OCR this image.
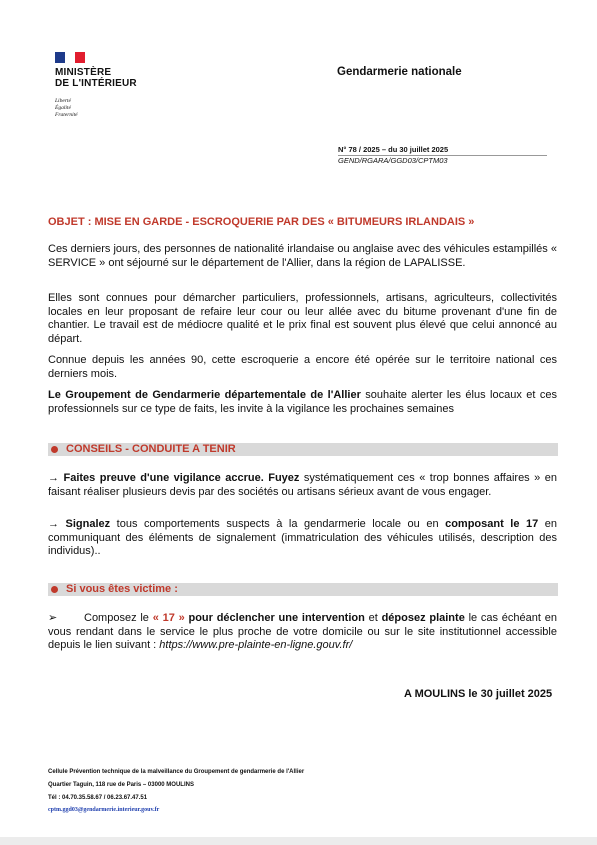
MINISTÈRE
DE L'INTÉRIEUR
Liberté
Égalité
Fraternité
Gendarmerie nationale
N° 78 / 2025 – du 30 juillet 2025
GEND/RGARA/GGD03/CPTM03
OBJET : MISE EN GARDE - ESCROQUERIE PAR DES « BITUMEURS IRLANDAIS »

Ces derniers jours, des personnes de nationalité irlandaise ou anglaise avec des véhicules estampillés « SERVICE » ont séjourné sur le département de l'Allier, dans la région de LAPALISSE.

Elles sont connues pour démarcher particuliers, professionnels, artisans, agriculteurs, collectivités locales en leur proposant de refaire leur cour ou leur allée avec du bitume provenant d'une fin de chantier. Le travail est de médiocre qualité et le prix final est souvent plus élevé que celui annoncé au départ.

Connue depuis les années 90, cette escroquerie a encore été opérée sur le territoire national ces derniers mois.

Le Groupement de Gendarmerie départementale de l'Allier souhaite alerter les élus locaux et ces professionnels sur ce type de faits, les invite à la vigilance les prochaines semaines

CONSEILS - CONDUITE A TENIR

→ Faites preuve d'une vigilance accrue. Fuyez systématiquement ces « trop bonnes affaires » en faisant réaliser plusieurs devis par des sociétés ou artisans sérieux avant de vous engager.

→ Signalez tous comportements suspects à la gendarmerie locale ou en composant le 17 en communiquant des éléments de signalement (immatriculation des véhicules utilisés, description des individus)..

Si vous êtes victime :

➢ Composez le « 17 » pour déclencher une intervention et déposez plainte le cas échéant en vous rendant dans le service le plus proche de votre domicile ou sur le site institutionnel accessible depuis le lien suivant : https://www.pre-plainte-en-ligne.gouv.fr/

A MOULINS le 30 juillet 2025
Cellule Prévention technique de la malveillance du Groupement de gendarmerie de l'Allier
Quartier Taguin, 118 rue de Paris – 03000 MOULINS
Tél : 04.70.35.58.67 / 06.23.67.47.51
cptm.ggd03@gendarmerie.interieur.gouv.fr
